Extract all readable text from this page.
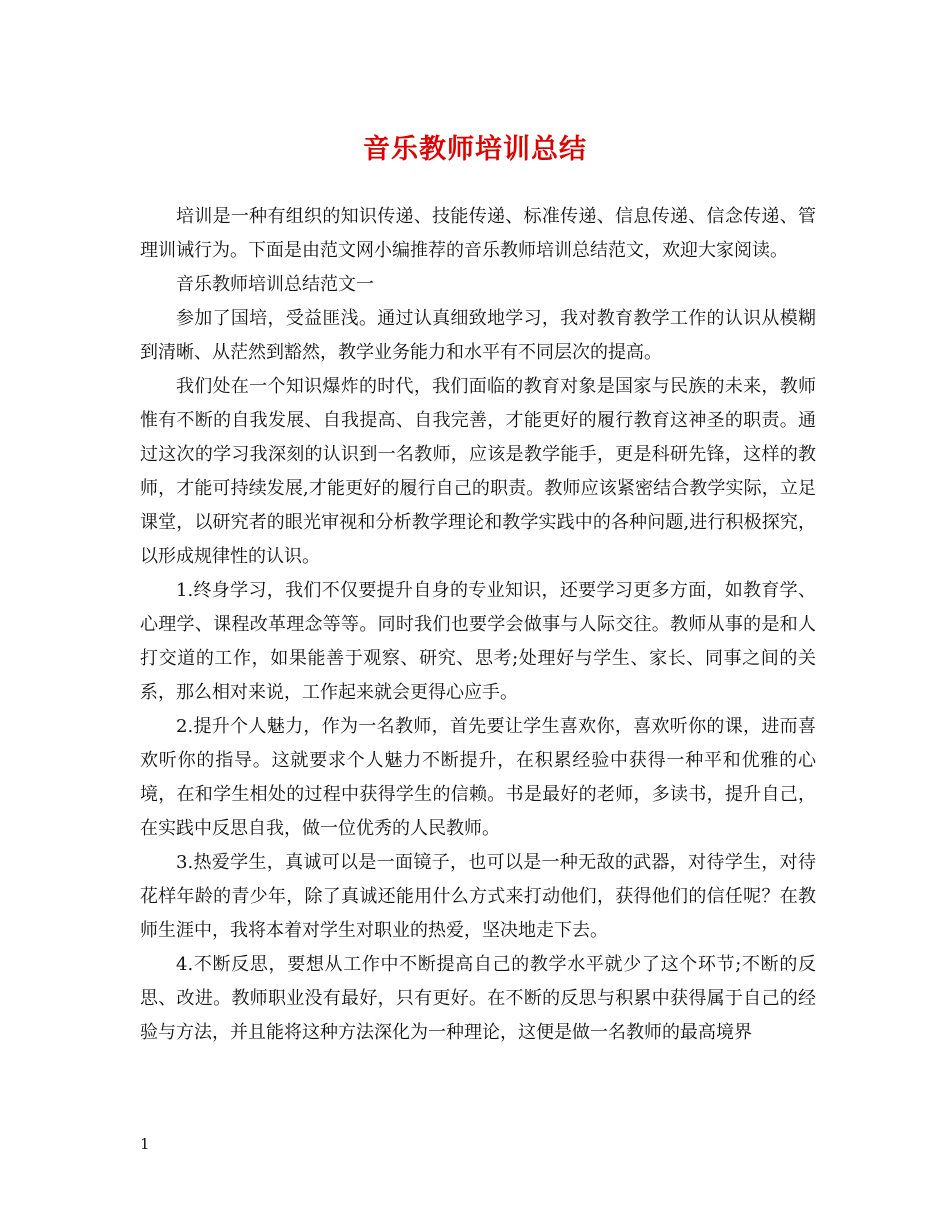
音乐教师培训总结

培训是一种有组织的知识传递、技能传递、标准传递、信息传递、信念传递、管理训诫行为。下面是由范文网小编推荐的音乐教师培训总结范文，欢迎大家阅读。

音乐教师培训总结范文一

参加了国培，受益匪浅。通过认真细致地学习，我对教育教学工作的认识从模糊到清晰、从茫然到豁然，教学业务能力和水平有不同层次的提高。

我们处在一个知识爆炸的时代，我们面临的教育对象是国家与民族的未来，教师惟有不断的自我发展、自我提高、自我完善，才能更好的履行教育这神圣的职责。通过这次的学习我深刻的认识到一名教师，应该是教学能手，更是科研先锋，这样的教师，才能可持续发展,才能更好的履行自己的职责。教师应该紧密结合教学实际，立足课堂，以研究者的眼光审视和分析教学理论和教学实践中的各种问题,进行积极探究，以形成规律性的认识。

1.终身学习，我们不仅要提升自身的专业知识，还要学习更多方面，如教育学、心理学、课程改革理念等等。同时我们也要学会做事与人际交往。教师从事的是和人打交道的工作，如果能善于观察、研究、思考;处理好与学生、家长、同事之间的关系，那么相对来说，工作起来就会更得心应手。

2.提升个人魅力，作为一名教师，首先要让学生喜欢你，喜欢听你的课，进而喜欢听你的指导。这就要求个人魅力不断提升，在积累经验中获得一种平和优雅的心境，在和学生相处的过程中获得学生的信赖。书是最好的老师，多读书，提升自己，在实践中反思自我，做一位优秀的人民教师。

3.热爱学生，真诚可以是一面镜子，也可以是一种无敌的武器，对待学生，对待花样年龄的青少年，除了真诚还能用什么方式来打动他们，获得他们的信任呢？在教师生涯中，我将本着对学生对职业的热爱，坚决地走下去。

4.不断反思，要想从工作中不断提高自己的教学水平就少了这个环节;不断的反思、改进。教师职业没有最好，只有更好。在不断的反思与积累中获得属于自己的经验与方法，并且能将这种方法深化为一种理论，这便是做一名教师的最高境界

1
